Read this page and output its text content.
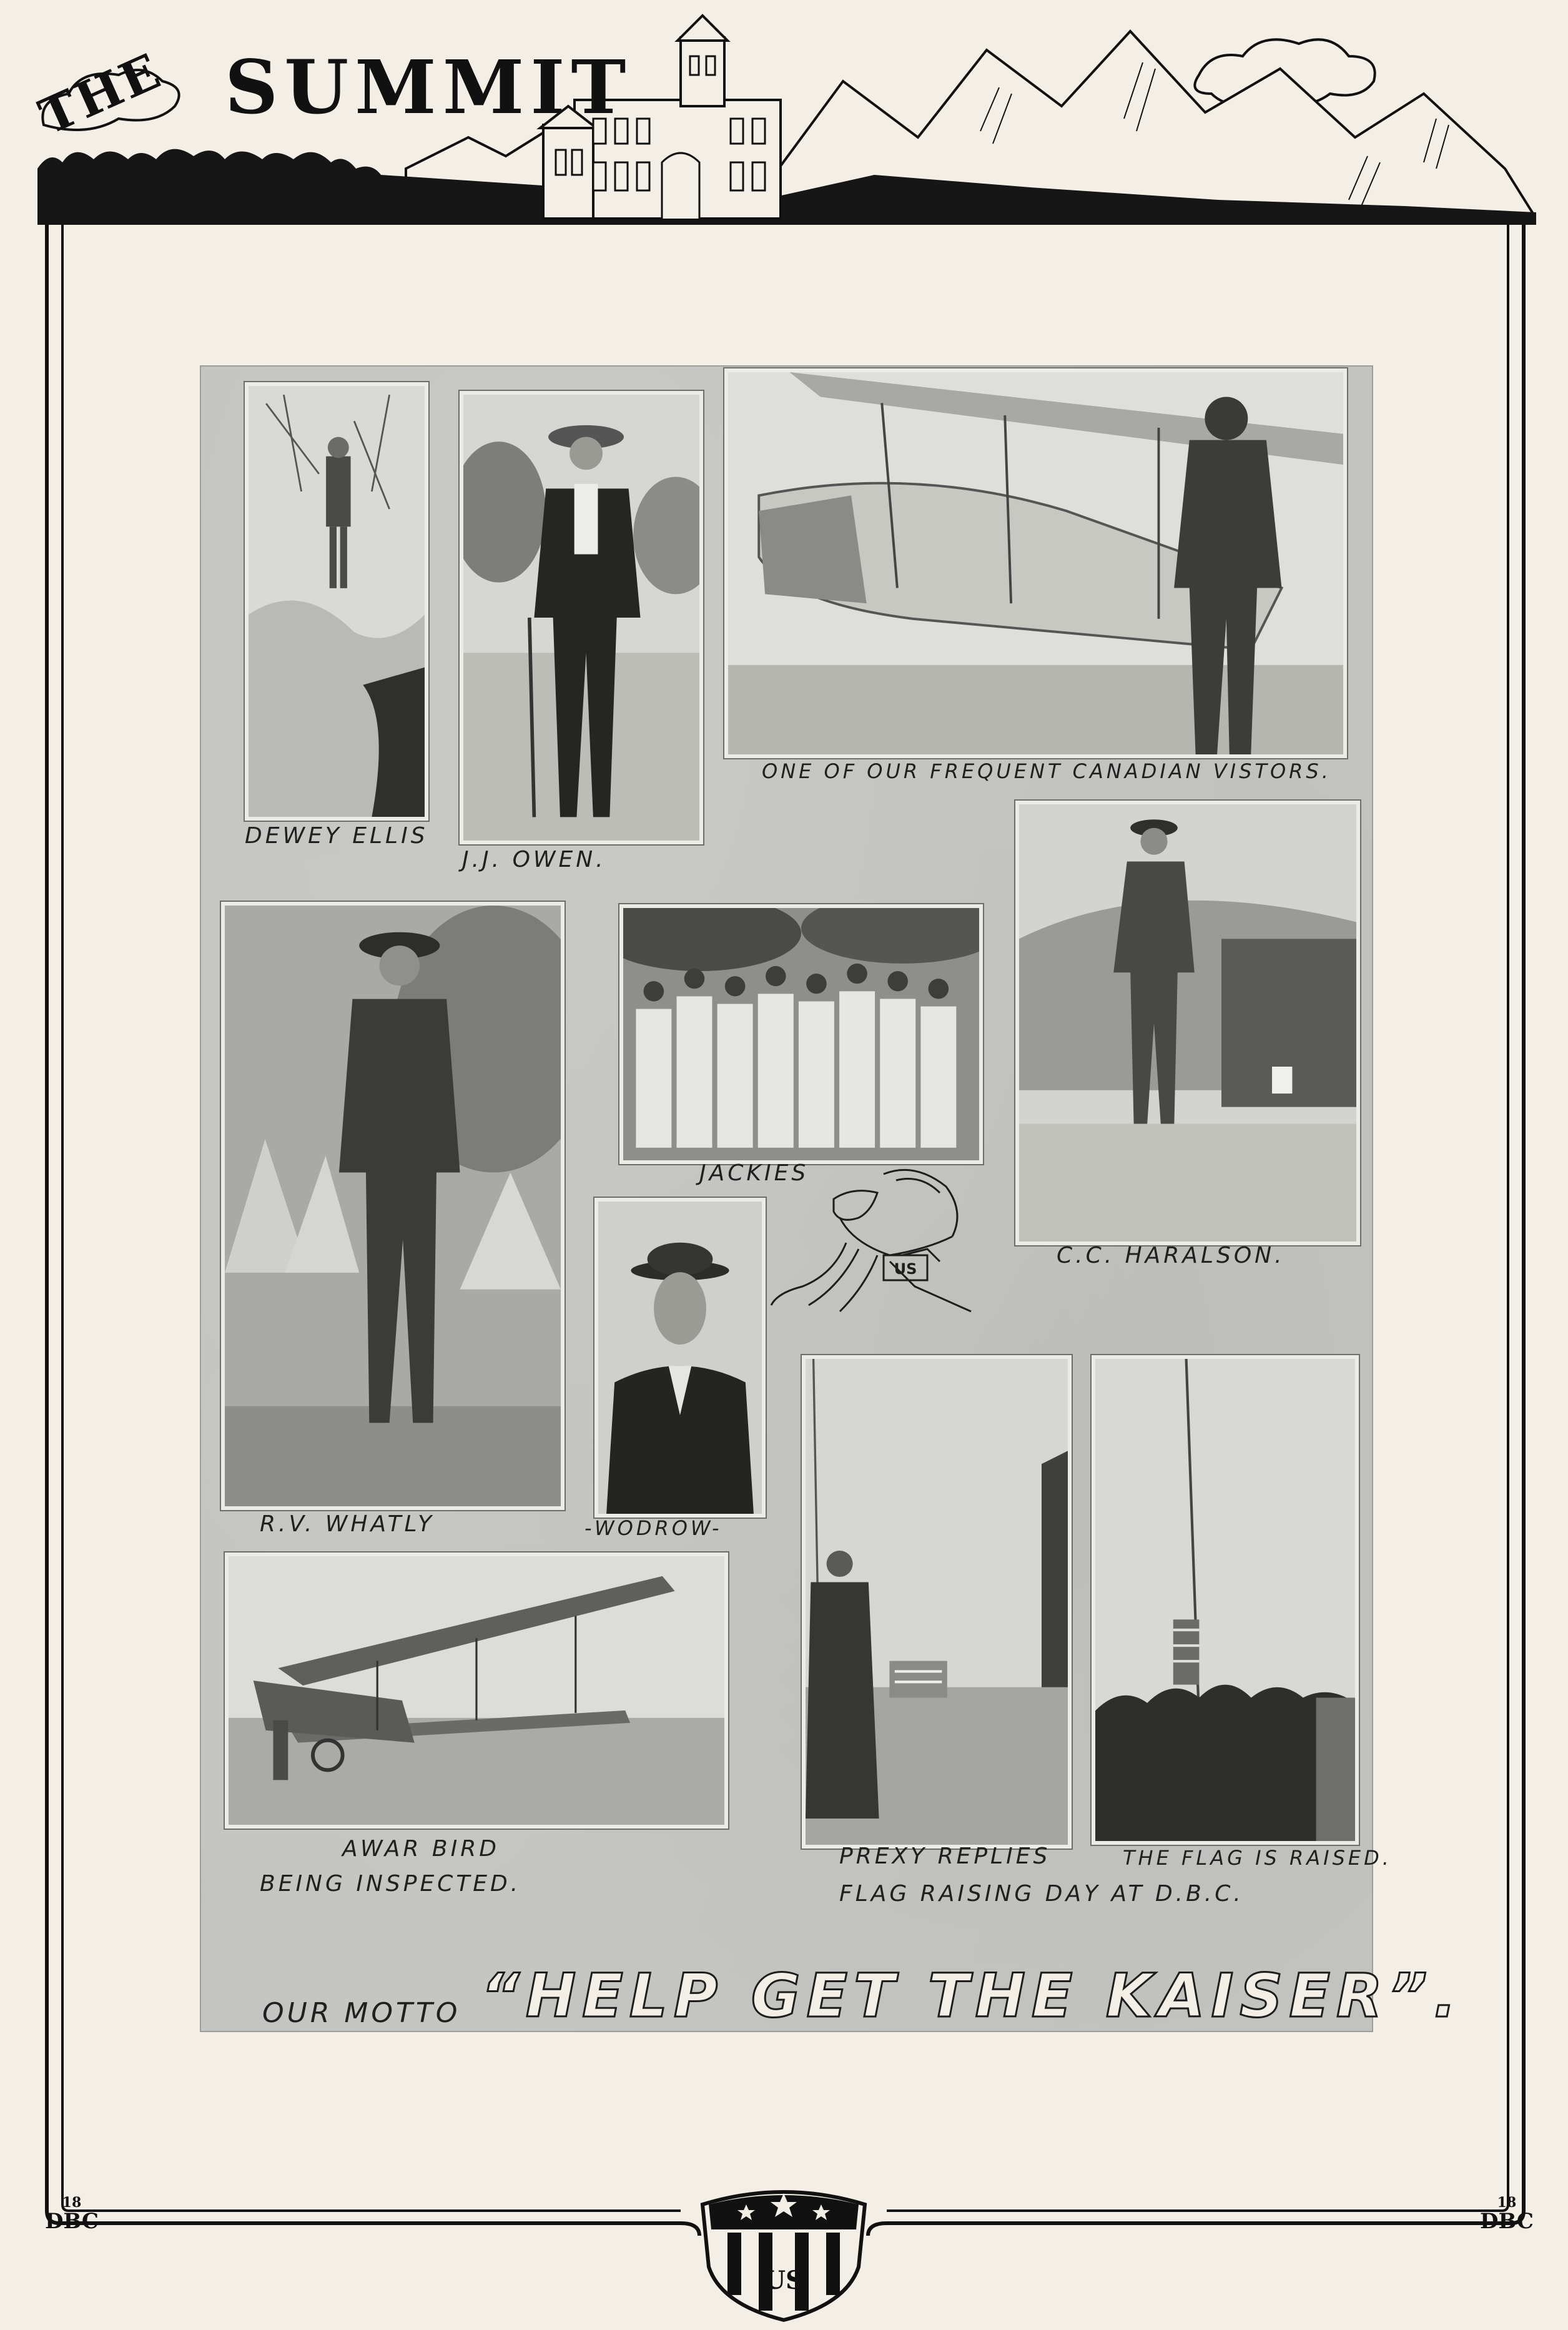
THE SUMMIT
US
DEWEY ELLIS
J.J. OWEN.
ONE OF OUR FREQUENT CANADIAN VISTORS.
JACKIES
C.C. HARALSON.
R.V. WHATLY	-WODROW-
AWAR BIRD
BEING INSPECTED.
PREXY REPLIES	THE FLAG IS RAISED.
FLAG RAISING DAY AT D.B.C.
OUR MOTTO “HELP GET THE KAISER”.
18
DBC
18
DBC
US
